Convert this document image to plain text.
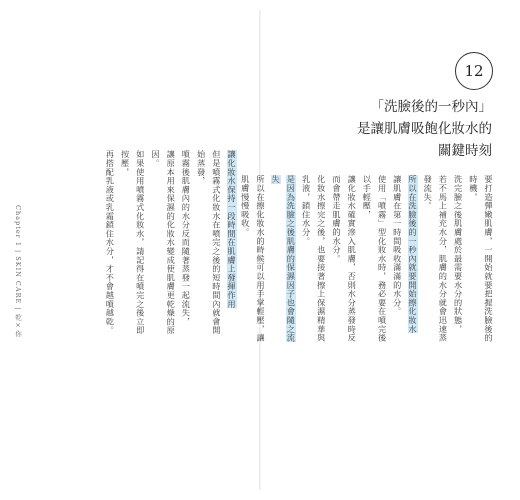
Chapter 1 | SKIN CARE | 乾×你	讓化妝水保持一段時間在肌膚上發揮作用

但是噴霧式化妝水在噴完之後的短時間內就會開始蒸發，

噴霧後肌膚內的水分反而隨著蒸發一起流失，

讓原本用來保濕的化妝水變成使肌膚更乾燥的原因。

如果使用噴霧式化妝水，請記得在噴完之後立即按壓，

再搭配乳液或乳霜鎖住水分，才不會越噴越乾。

12
「洗臉後的一秒內」
是讓肌膚吸飽化妝水的
關鍵時刻

要打造彈嫩肌膚，一開始就要把握洗臉後的時機，

洗完臉之後肌膚處於最需要水分的狀態，

若不馬上補充水分，肌膚的水分就會迅速蒸發流失。

所以在洗臉後的一秒內就要開始擦化妝水

讓肌膚在第一時間吸收滿滿的水分。

使用「噴霧」型化妝水時，務必要在噴完後以手輕壓，

讓化妝水確實滲入肌膚，否則水分蒸發時反而會帶走肌膚的水分。

化妝水擦完之後，也要接著擦上保濕精華與乳液，鎖住水分。

是因為洗臉之後肌膚的保濕因子也會隨之流失

所以在擦化妝水的時候可以用手掌輕壓，讓肌膚慢慢吸收。
